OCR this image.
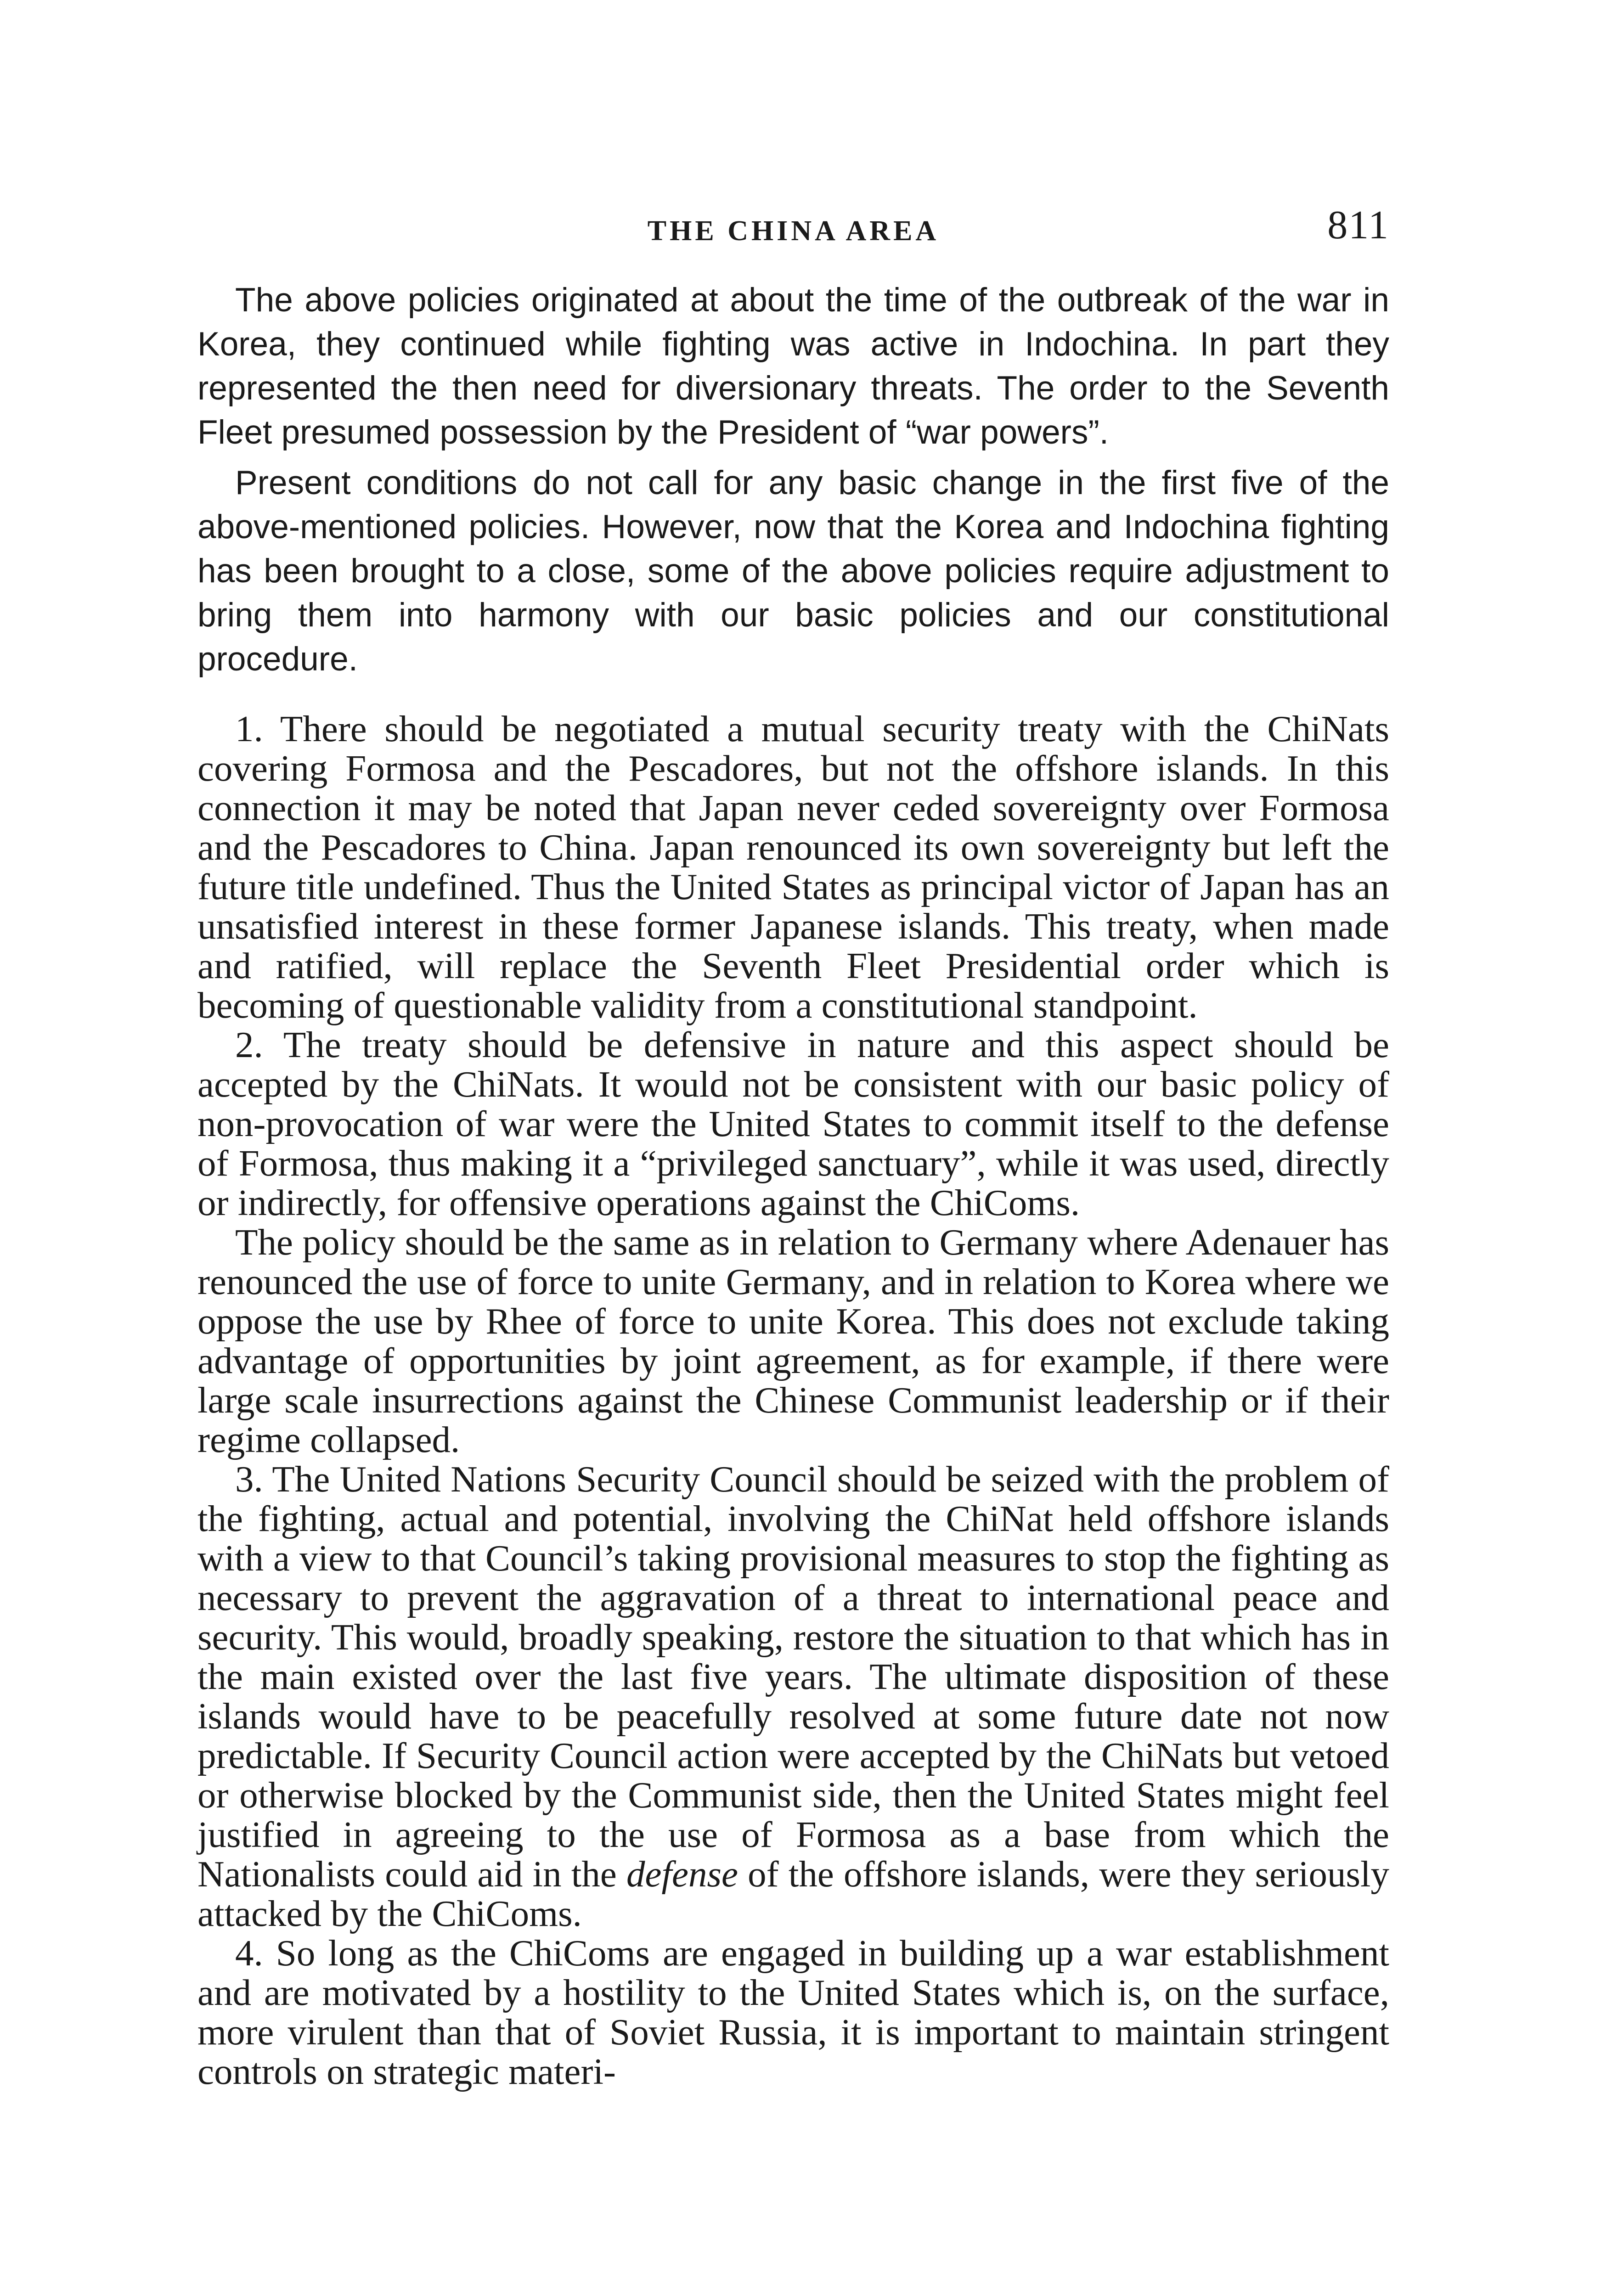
THE CHINA AREA	811

The above policies originated at about the time of the outbreak of the war in Korea, they continued while fighting was active in Indochina. In part they represented the then need for diversionary threats. The order to the Seventh Fleet presumed possession by the President of “war powers”.

Present conditions do not call for any basic change in the first five of the above-mentioned policies. However, now that the Korea and Indochina fighting has been brought to a close, some of the above policies require adjustment to bring them into harmony with our basic policies and our constitutional procedure.

1. There should be negotiated a mutual security treaty with the ChiNats covering Formosa and the Pescadores, but not the offshore islands. In this connection it may be noted that Japan never ceded sovereignty over Formosa and the Pescadores to China. Japan renounced its own sovereignty but left the future title undefined. Thus the United States as principal victor of Japan has an unsatisfied interest in these former Japanese islands. This treaty, when made and ratified, will replace the Seventh Fleet Presidential order which is becoming of questionable validity from a constitutional standpoint.

2. The treaty should be defensive in nature and this aspect should be accepted by the ChiNats. It would not be consistent with our basic policy of non-provocation of war were the United States to commit itself to the defense of Formosa, thus making it a “privileged sanctuary”, while it was used, directly or indirectly, for offensive operations against the ChiComs.

The policy should be the same as in relation to Germany where Adenauer has renounced the use of force to unite Germany, and in relation to Korea where we oppose the use by Rhee of force to unite Korea. This does not exclude taking advantage of opportunities by joint agreement, as for example, if there were large scale insurrections against the Chinese Communist leadership or if their regime collapsed.

3. The United Nations Security Council should be seized with the problem of the fighting, actual and potential, involving the ChiNat held offshore islands with a view to that Council’s taking provisional measures to stop the fighting as necessary to prevent the aggravation of a threat to international peace and security. This would, broadly speaking, restore the situation to that which has in the main existed over the last five years. The ultimate disposition of these islands would have to be peacefully resolved at some future date not now predictable. If Security Council action were accepted by the ChiNats but vetoed or otherwise blocked by the Communist side, then the United States might feel justified in agreeing to the use of Formosa as a base from which the Nationalists could aid in the defense of the offshore islands, were they seriously attacked by the ChiComs.

4. So long as the ChiComs are engaged in building up a war establishment and are motivated by a hostility to the United States which is, on the surface, more virulent than that of Soviet Russia, it is important to maintain stringent controls on strategic materi-
